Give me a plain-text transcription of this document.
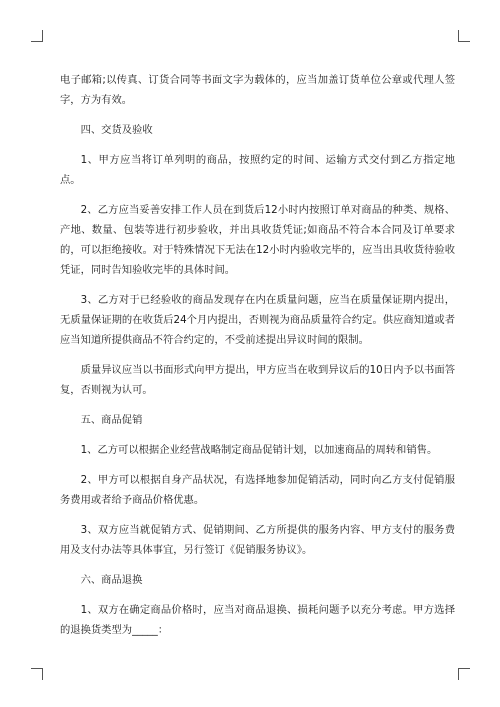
电子邮箱;以传真、订货合同等书面文字为载体的，应当加盖订货单位公章或代理人签字，方为有效。

四、交货及验收

1、甲方应当将订单列明的商品，按照约定的时间、运输方式交付到乙方指定地点。

2、乙方应当妥善安排工作人员在到货后12小时内按照订单对商品的种类、规格、产地、数量、包装等进行初步验收，并出具收货凭证;如商品不符合本合同及订单要求的，可以拒绝接收。对于特殊情况下无法在12小时内验收完毕的，应当出具收货待验收凭证，同时告知验收完毕的具体时间。

3、乙方对于已经验收的商品发现存在内在质量问题，应当在质量保证期内提出，无质量保证期的在收货后24个月内提出，否则视为商品质量符合约定。供应商知道或者应当知道所提供商品不符合约定的，不受前述提出异议时间的限制。

质量异议应当以书面形式向甲方提出，甲方应当在收到异议后的10日内予以书面答复，否则视为认可。

五、商品促销

1、乙方可以根据企业经营战略制定商品促销计划，以加速商品的周转和销售。

2、甲方可以根据自身产品状况，有选择地参加促销活动，同时向乙方支付促销服务费用或者给予商品价格优惠。

3、双方应当就促销方式、促销期间、乙方所提供的服务内容、甲方支付的服务费用及支付办法等具体事宜，另行签订《促销服务协议》。

六、商品退换

1、双方在确定商品价格时，应当对商品退换、损耗问题予以充分考虑。甲方选择的退换货类型为_____：
